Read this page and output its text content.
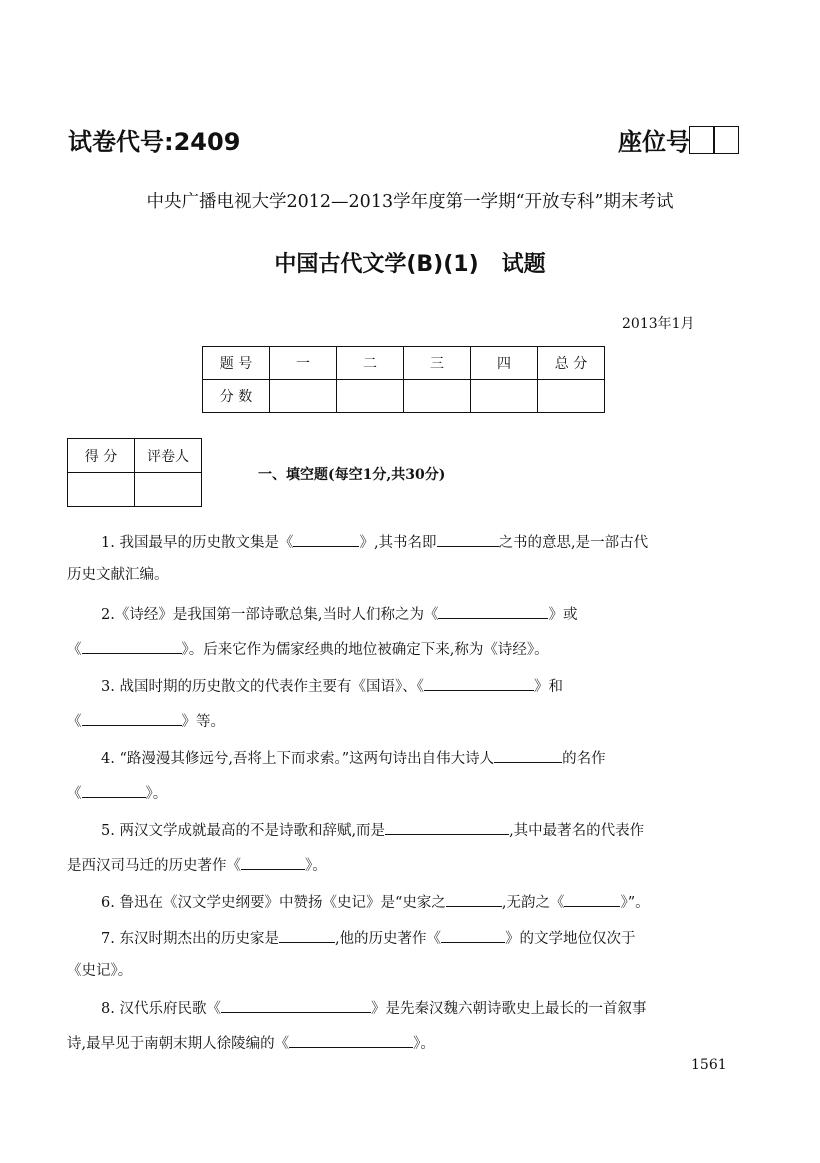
试卷代号:2409	座位号
中央广播电视大学2012—2013学年度第一学期“开放专科”期末考试
中国古代文学(B)(1)   试题
2013年1月
题 号	一	二	三	四	总 分
分 数					
得 分	评卷人

一、填空题(每空1分,共30分)
1. 我国最早的历史散文集是《	》,其书名即	之书的意思,是一部古代
历史文献汇编。
2.《诗经》是我国第一部诗歌总集,当时人们称之为《	》或
《	》。后来它作为儒家经典的地位被确定下来,称为《诗经》。
3. 战国时期的历史散文的代表作主要有《国语》、《	》和
《	》等。
4. “路漫漫其修远兮,吾将上下而求索。”这两句诗出自伟大诗人	的名作
《	》。
5. 两汉文学成就最高的不是诗歌和辞赋,而是	,其中最著名的代表作
是西汉司马迁的历史著作《	》。
6. 鲁迅在《汉文学史纲要》中赞扬《史记》是“史家之	,无韵之《	》”。
7. 东汉时期杰出的历史家是	,他的历史著作《	》的文学地位仅次于
《史记》。
8. 汉代乐府民歌《	》是先秦汉魏六朝诗歌史上最长的一首叙事
诗,最早见于南朝末期人徐陵编的《	》。
1561
